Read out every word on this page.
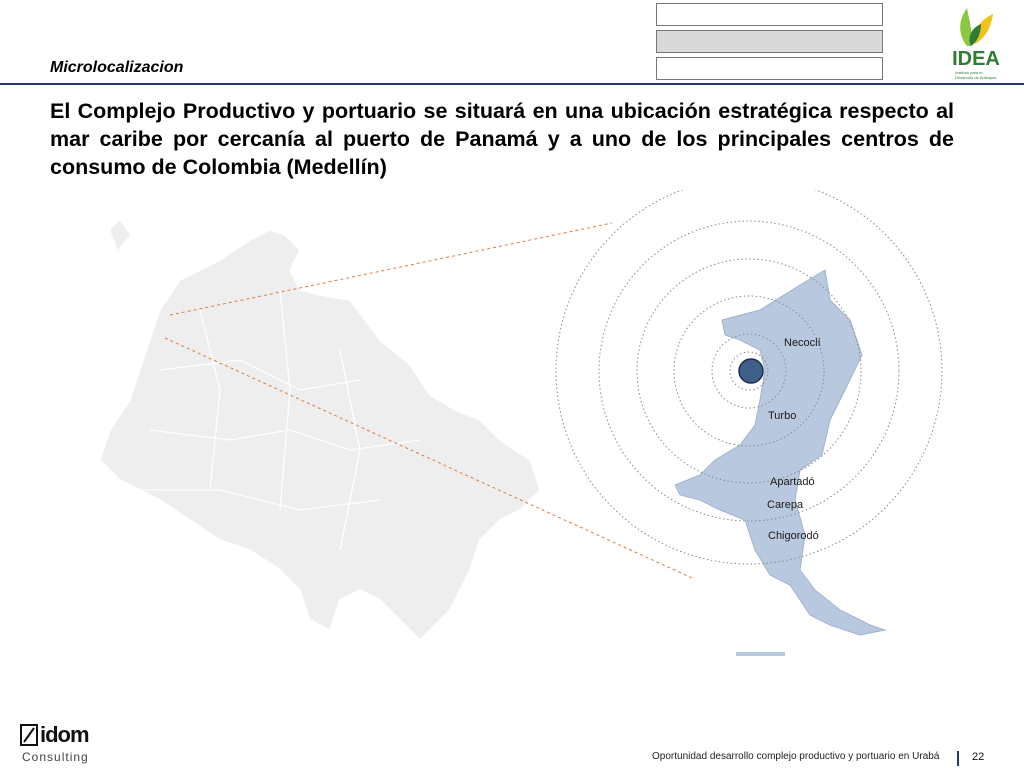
Microlocalizacion	IDEA
Instituto para el Desarrollo de Antioquia
El Complejo Productivo y portuario se situará en una ubicación estratégica respecto al mar caribe por cercanía al puerto de Panamá y a uno de los principales centros de consumo de Colombia (Medellín)
Necoclí
Turbo
Apartadó
Carepa
Chigorodó
idom
Consulting	Oportunidad desarrollo complejo productivo y portuario en Urabá	22
